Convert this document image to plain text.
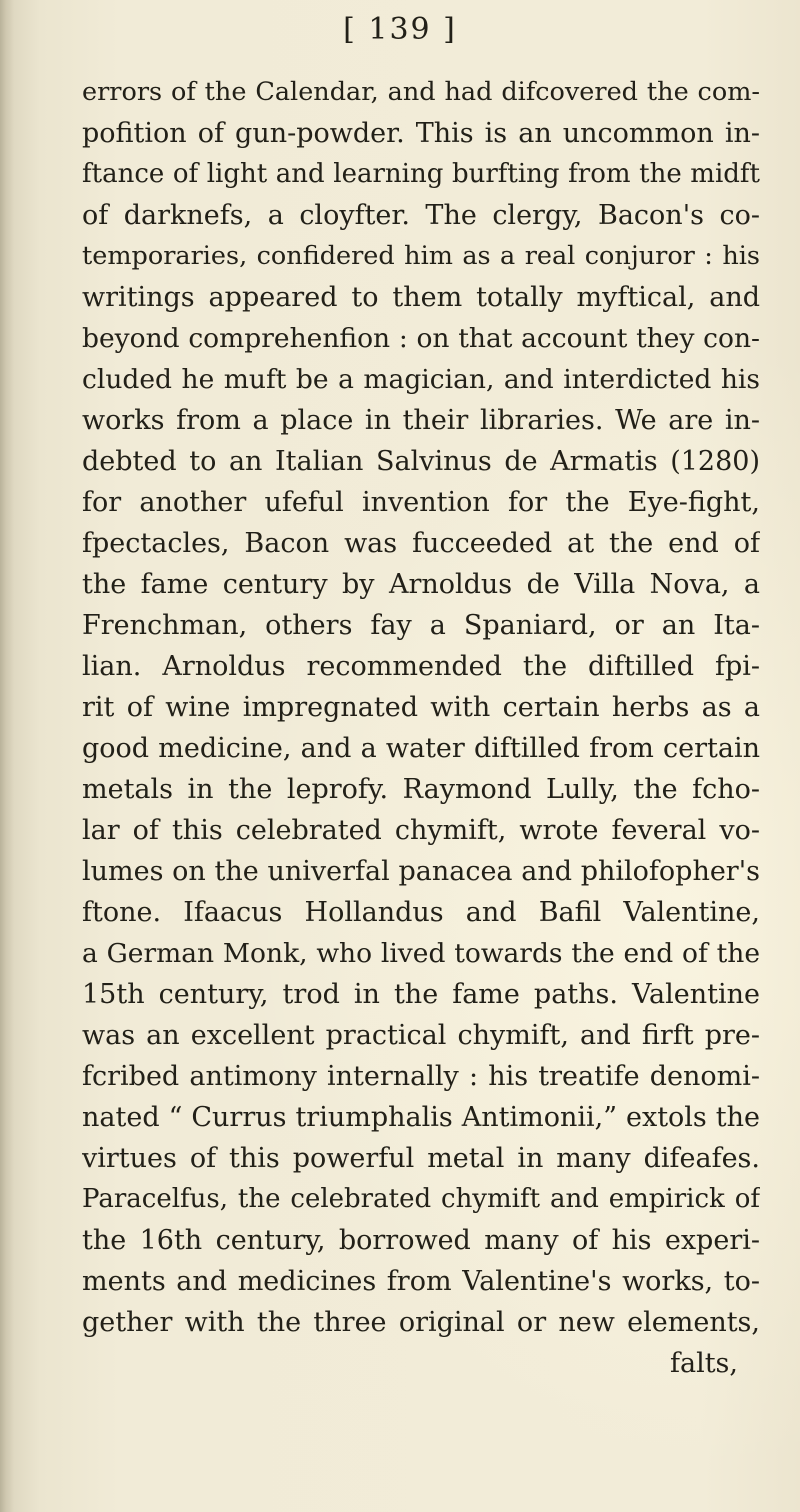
[ 139 ]
errors of the Calendar, and had difcovered the com-
pofition of gun-powder. This is an uncommon in-
ftance of light and learning burfting from the midft
of darknefs, a cloyfter. The clergy, Bacon's co-
temporaries, confidered him as a real conjuror : his
writings appeared to them totally myftical, and
beyond comprehenfion : on that account they con-
cluded he muft be a magician, and interdicted his
works from a place in their libraries. We are in-
debted to an Italian Salvinus de Armatis (1280)
for another ufeful invention for the Eye-fight,
fpectacles, Bacon was fucceeded at the end of
the fame century by Arnoldus de Villa Nova, a
Frenchman, others fay a Spaniard, or an Ita-
lian. Arnoldus recommended the diftilled fpi-
rit of wine impregnated with certain herbs as a
good medicine, and a water diftilled from certain
metals in the leprofy. Raymond Lully, the fcho-
lar of this celebrated chymift, wrote feveral vo-
lumes on the univerfal panacea and philofopher's
ftone. Ifaacus Hollandus and Bafil Valentine,
a German Monk, who lived towards the end of the
15th century, trod in the fame paths. Valentine
was an excellent practical chymift, and firft pre-
fcribed antimony internally : his treatife denomi-
nated “ Currus triumphalis Antimonii,” extols the
virtues of this powerful metal in many difeafes.
Paracelfus, the celebrated chymift and empirick of
the 16th century, borrowed many of his experi-
ments and medicines from Valentine's works, to-
gether with the three original or new elements,
falts,
